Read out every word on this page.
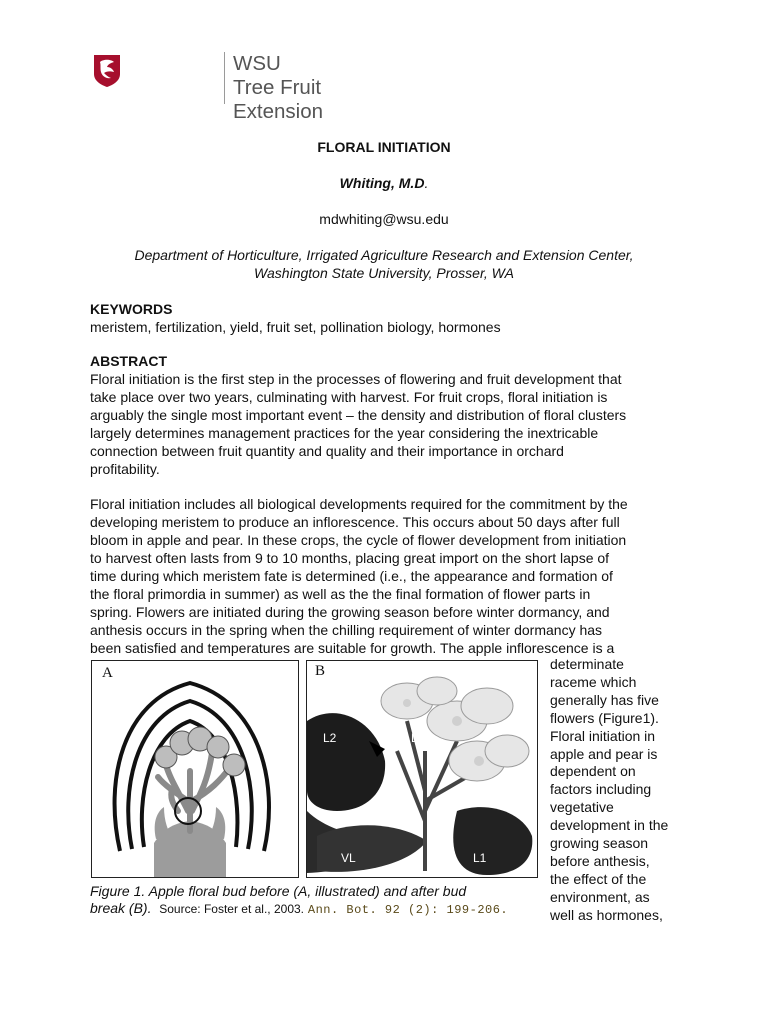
WSU Tree Fruit
Extension
FLORAL INITIATION
Whiting, M.D.
mdwhiting@wsu.edu
Department of Horticulture, Irrigated Agriculture Research and Extension Center,
Washington State University, Prosser, WA
KEYWORDS
meristem, fertilization, yield, fruit set, pollination biology, hormones
ABSTRACT
Floral initiation is the first step in the processes of flowering and fruit development that
take place over two years, culminating with harvest. For fruit crops, floral initiation is
arguably the single most important event – the density and distribution of floral clusters
largely determines management practices for the year considering the inextricable
connection between fruit quantity and quality and their importance in orchard
profitability.
Floral initiation includes all biological developments required for the commitment by the
developing meristem to produce an inflorescence. This occurs about 50 days after full
bloom in apple and pear. In these crops, the cycle of flower development from initiation
to harvest often lasts from 9 to 10 months, placing great import on the short lapse of
time during which meristem fate is determined (i.e., the appearance and formation of
the floral primordia in summer) as well as the the final formation of flower parts in
spring. Flowers are initiated during the growing season before winter dormancy, and
anthesis occurs in the spring when the chilling requirement of winter dormancy has
been satisfied and temperatures are suitable for growth. The apple inflorescence is a
determinate
raceme which
generally has five
flowers (Figure1).
Floral initiation in
apple and pear is
dependent on
factors including
vegetative
development in the
growing season
before anthesis,
the effect of the
environment, as
well as hormones,
A	B
L2	L3
VL	L1
Figure 1. Apple floral bud before (A, illustrated) and after bud
break (B). Source: Foster et al., 2003. Ann. Bot. 92 (2): 199-206.
